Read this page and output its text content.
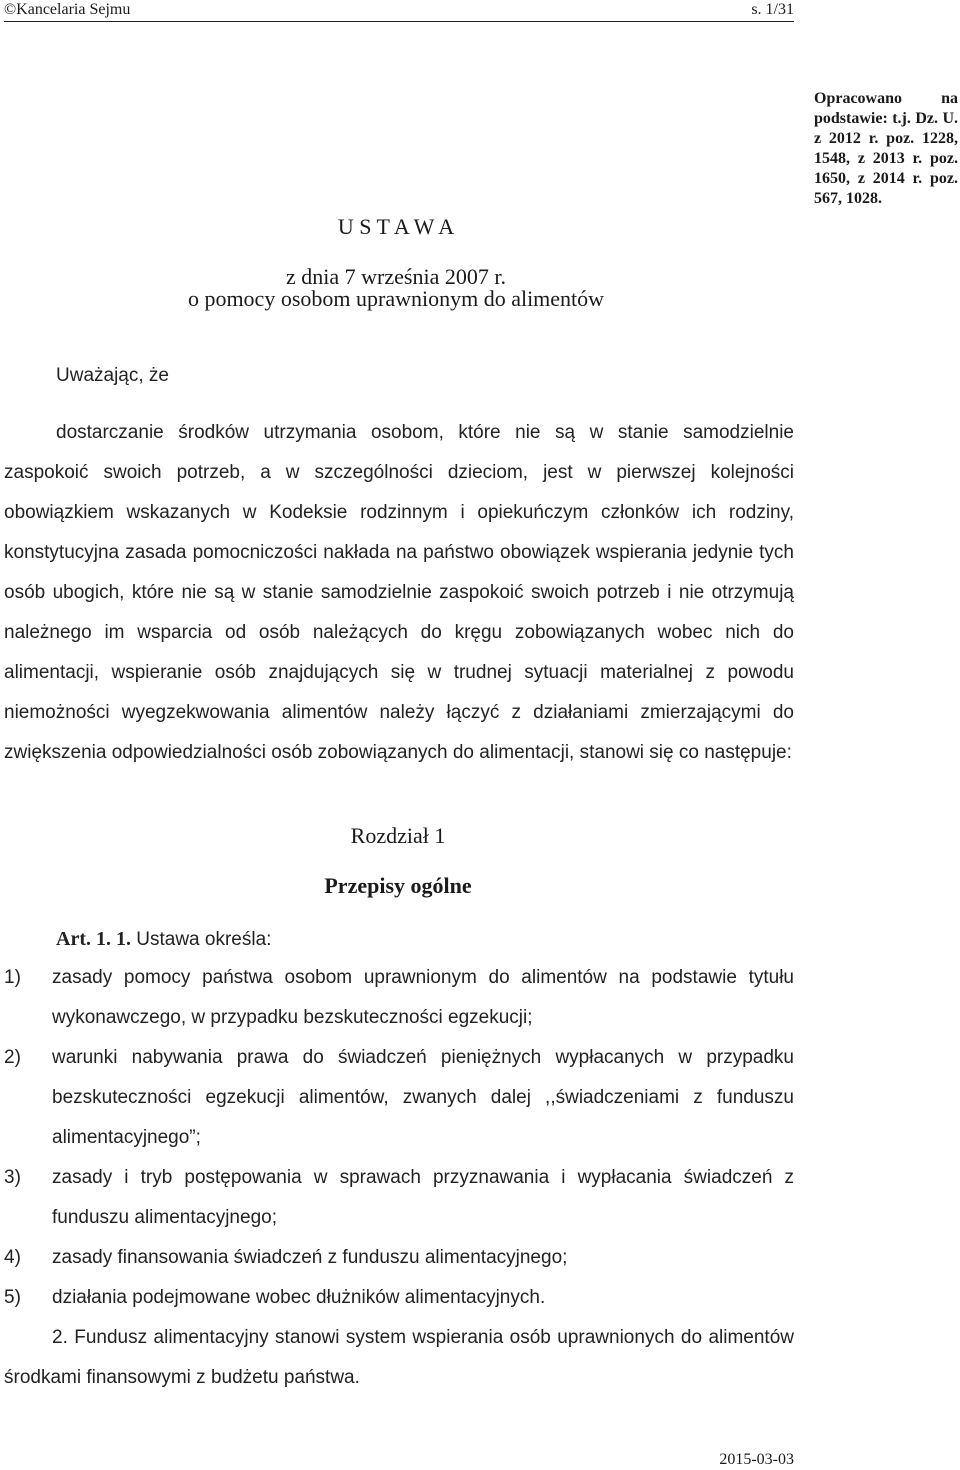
©Kancelaria Sejmu	s. 1/31
Opracowano na podstawie: t.j. Dz. U. z 2012 r. poz. 1228, 1548, z 2013 r. poz. 1650, z 2014 r. poz. 567, 1028.
U S T A W A
z dnia 7 września 2007 r.
o pomocy osobom uprawnionym do alimentów
Uważając, że

dostarczanie środków utrzymania osobom, które nie są w stanie samodzielnie zaspokoić swoich potrzeb, a w szczególności dzieciom, jest w pierwszej kolejności obowiązkiem wskazanych w Kodeksie rodzinnym i opiekuńczym członków ich rodziny, konstytucyjna zasada pomocniczości nakłada na państwo obowiązek wspierania jedynie tych osób ubogich, które nie są w stanie samodzielnie zaspokoić swoich potrzeb i nie otrzymują należnego im wsparcia od osób należących do kręgu zobowiązanych wobec nich do alimentacji, wspieranie osób znajdujących się w trudnej sytuacji materialnej z powodu niemożności wyegzekwowania alimentów należy łączyć z działaniami zmierzającymi do zwiększenia odpowiedzialności osób zobowiązanych do alimentacji, stanowi się co następuje:

Rozdział 1
Przepisy ogólne
Art. 1. 1. Ustawa określa:
1) zasady pomocy państwa osobom uprawnionym do alimentów na podstawie tytułu wykonawczego, w przypadku bezskuteczności egzekucji;

2) warunki nabywania prawa do świadczeń pieniężnych wypłacanych w przypadku bezskuteczności egzekucji alimentów, zwanych dalej ,,świadczeniami z funduszu alimentacyjnego”;

3) zasady i tryb postępowania w sprawach przyznawania i wypłacania świadczeń z funduszu alimentacyjnego;

4) zasady finansowania świadczeń z funduszu alimentacyjnego;

5) działania podejmowane wobec dłużników alimentacyjnych.

2. Fundusz alimentacyjny stanowi system wspierania osób uprawnionych do alimentów środkami finansowymi z budżetu państwa.

2015-03-03
